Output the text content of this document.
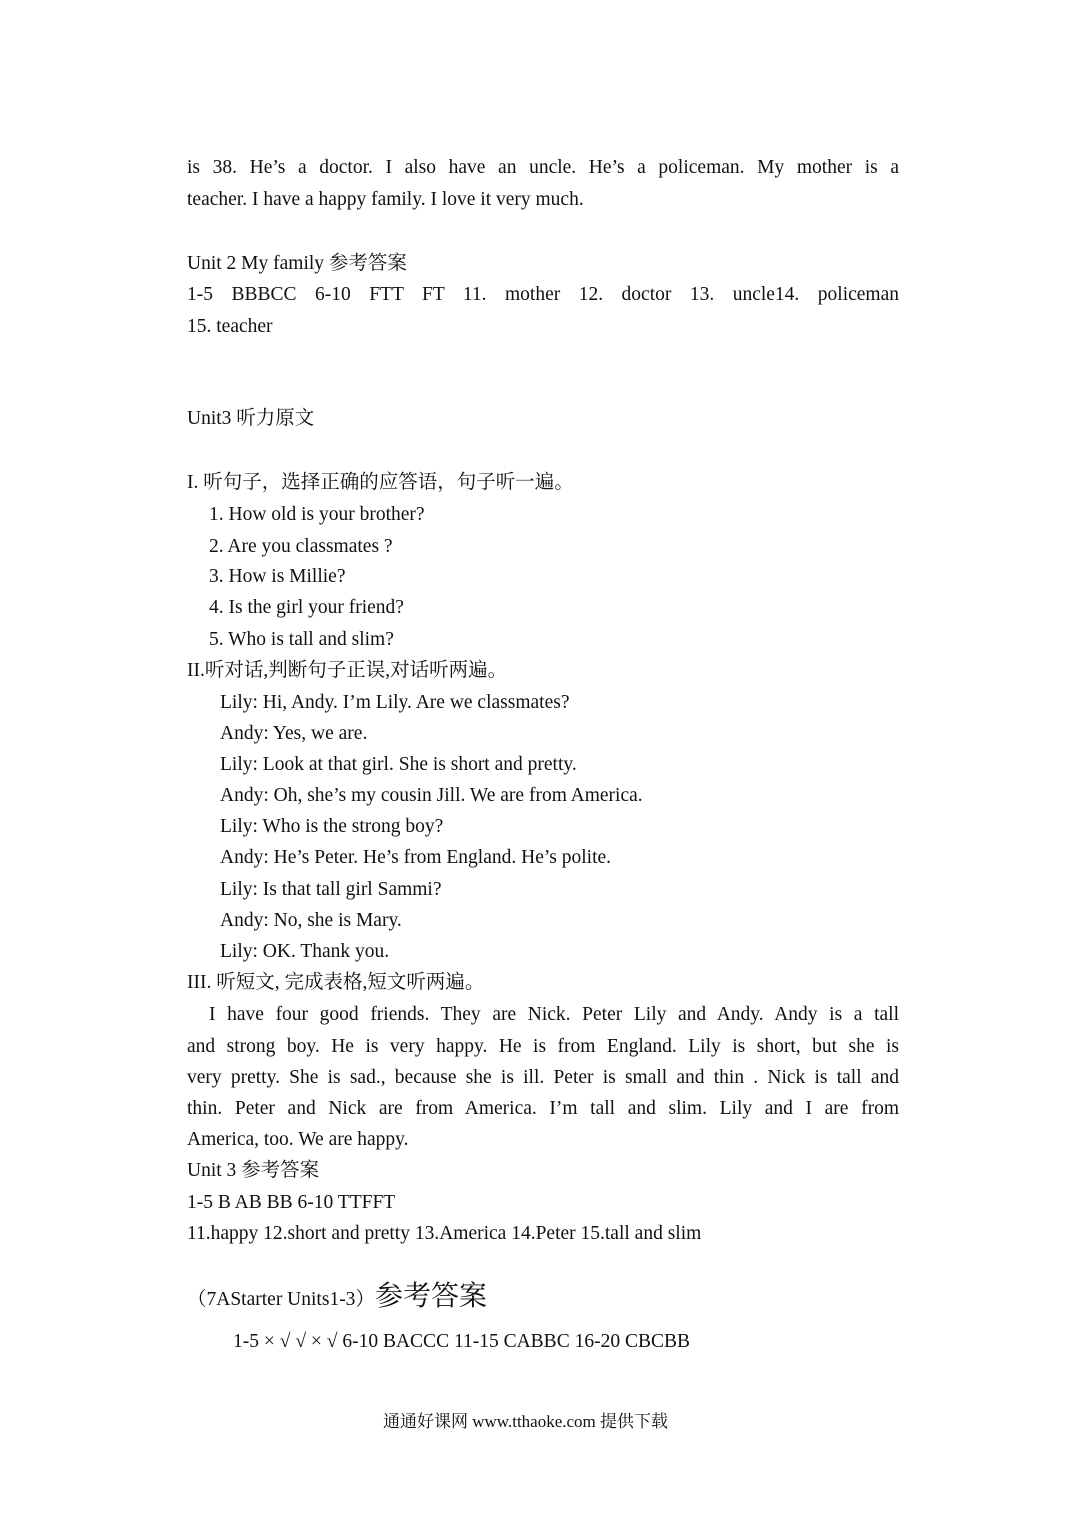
is 38. He’s a doctor. I also have an uncle. He’s a policeman. My mother is a
teacher. I have a happy family. I love it very much.
Unit 2 My family 参考答案
1-5 BBBCC 6-10 FTT FT 11. mother 12. doctor 13. uncle14. policeman
15. teacher
Unit3 听力原文
I. 听句子，选择正确的应答语，句子听一遍。
1. How old is your brother?
2. Are you classmates ?
3. How is Millie?
4. Is the girl your friend?
5. Who is tall and slim?
II.听对话,判断句子正误,对话听两遍。
Lily: Hi, Andy. I’m Lily. Are we classmates?
Andy: Yes, we are.
Lily: Look at that girl. She is short and pretty.
Andy: Oh, she’s my cousin Jill. We are from America.
Lily: Who is the strong boy?
Andy: He’s Peter. He’s from England. He’s polite.
Lily: Is that tall girl Sammi?
Andy: No, she is Mary.
Lily: OK. Thank you.
III. 听短文, 完成表格,短文听两遍。
I have four good friends. They are Nick. Peter Lily and Andy. Andy is a tall
and strong boy. He is very happy. He is from England. Lily is short, but she is
very pretty. She is sad., because she is ill. Peter is small and thin . Nick is tall and
thin. Peter and Nick are from America. I’m tall and slim. Lily and I are from
America, too. We are happy.
Unit 3 参考答案
1-5 B AB BB 6-10 TTFFT
11.happy 12.short and pretty 13.America 14.Peter 15.tall and slim
（7AStarter Units1-3）参考答案
1-5 × √ √ × √ 6-10 BACCC 11-15 CABBC 16-20 CBCBB
通通好课网 www.tthaoke.com 提供下载
